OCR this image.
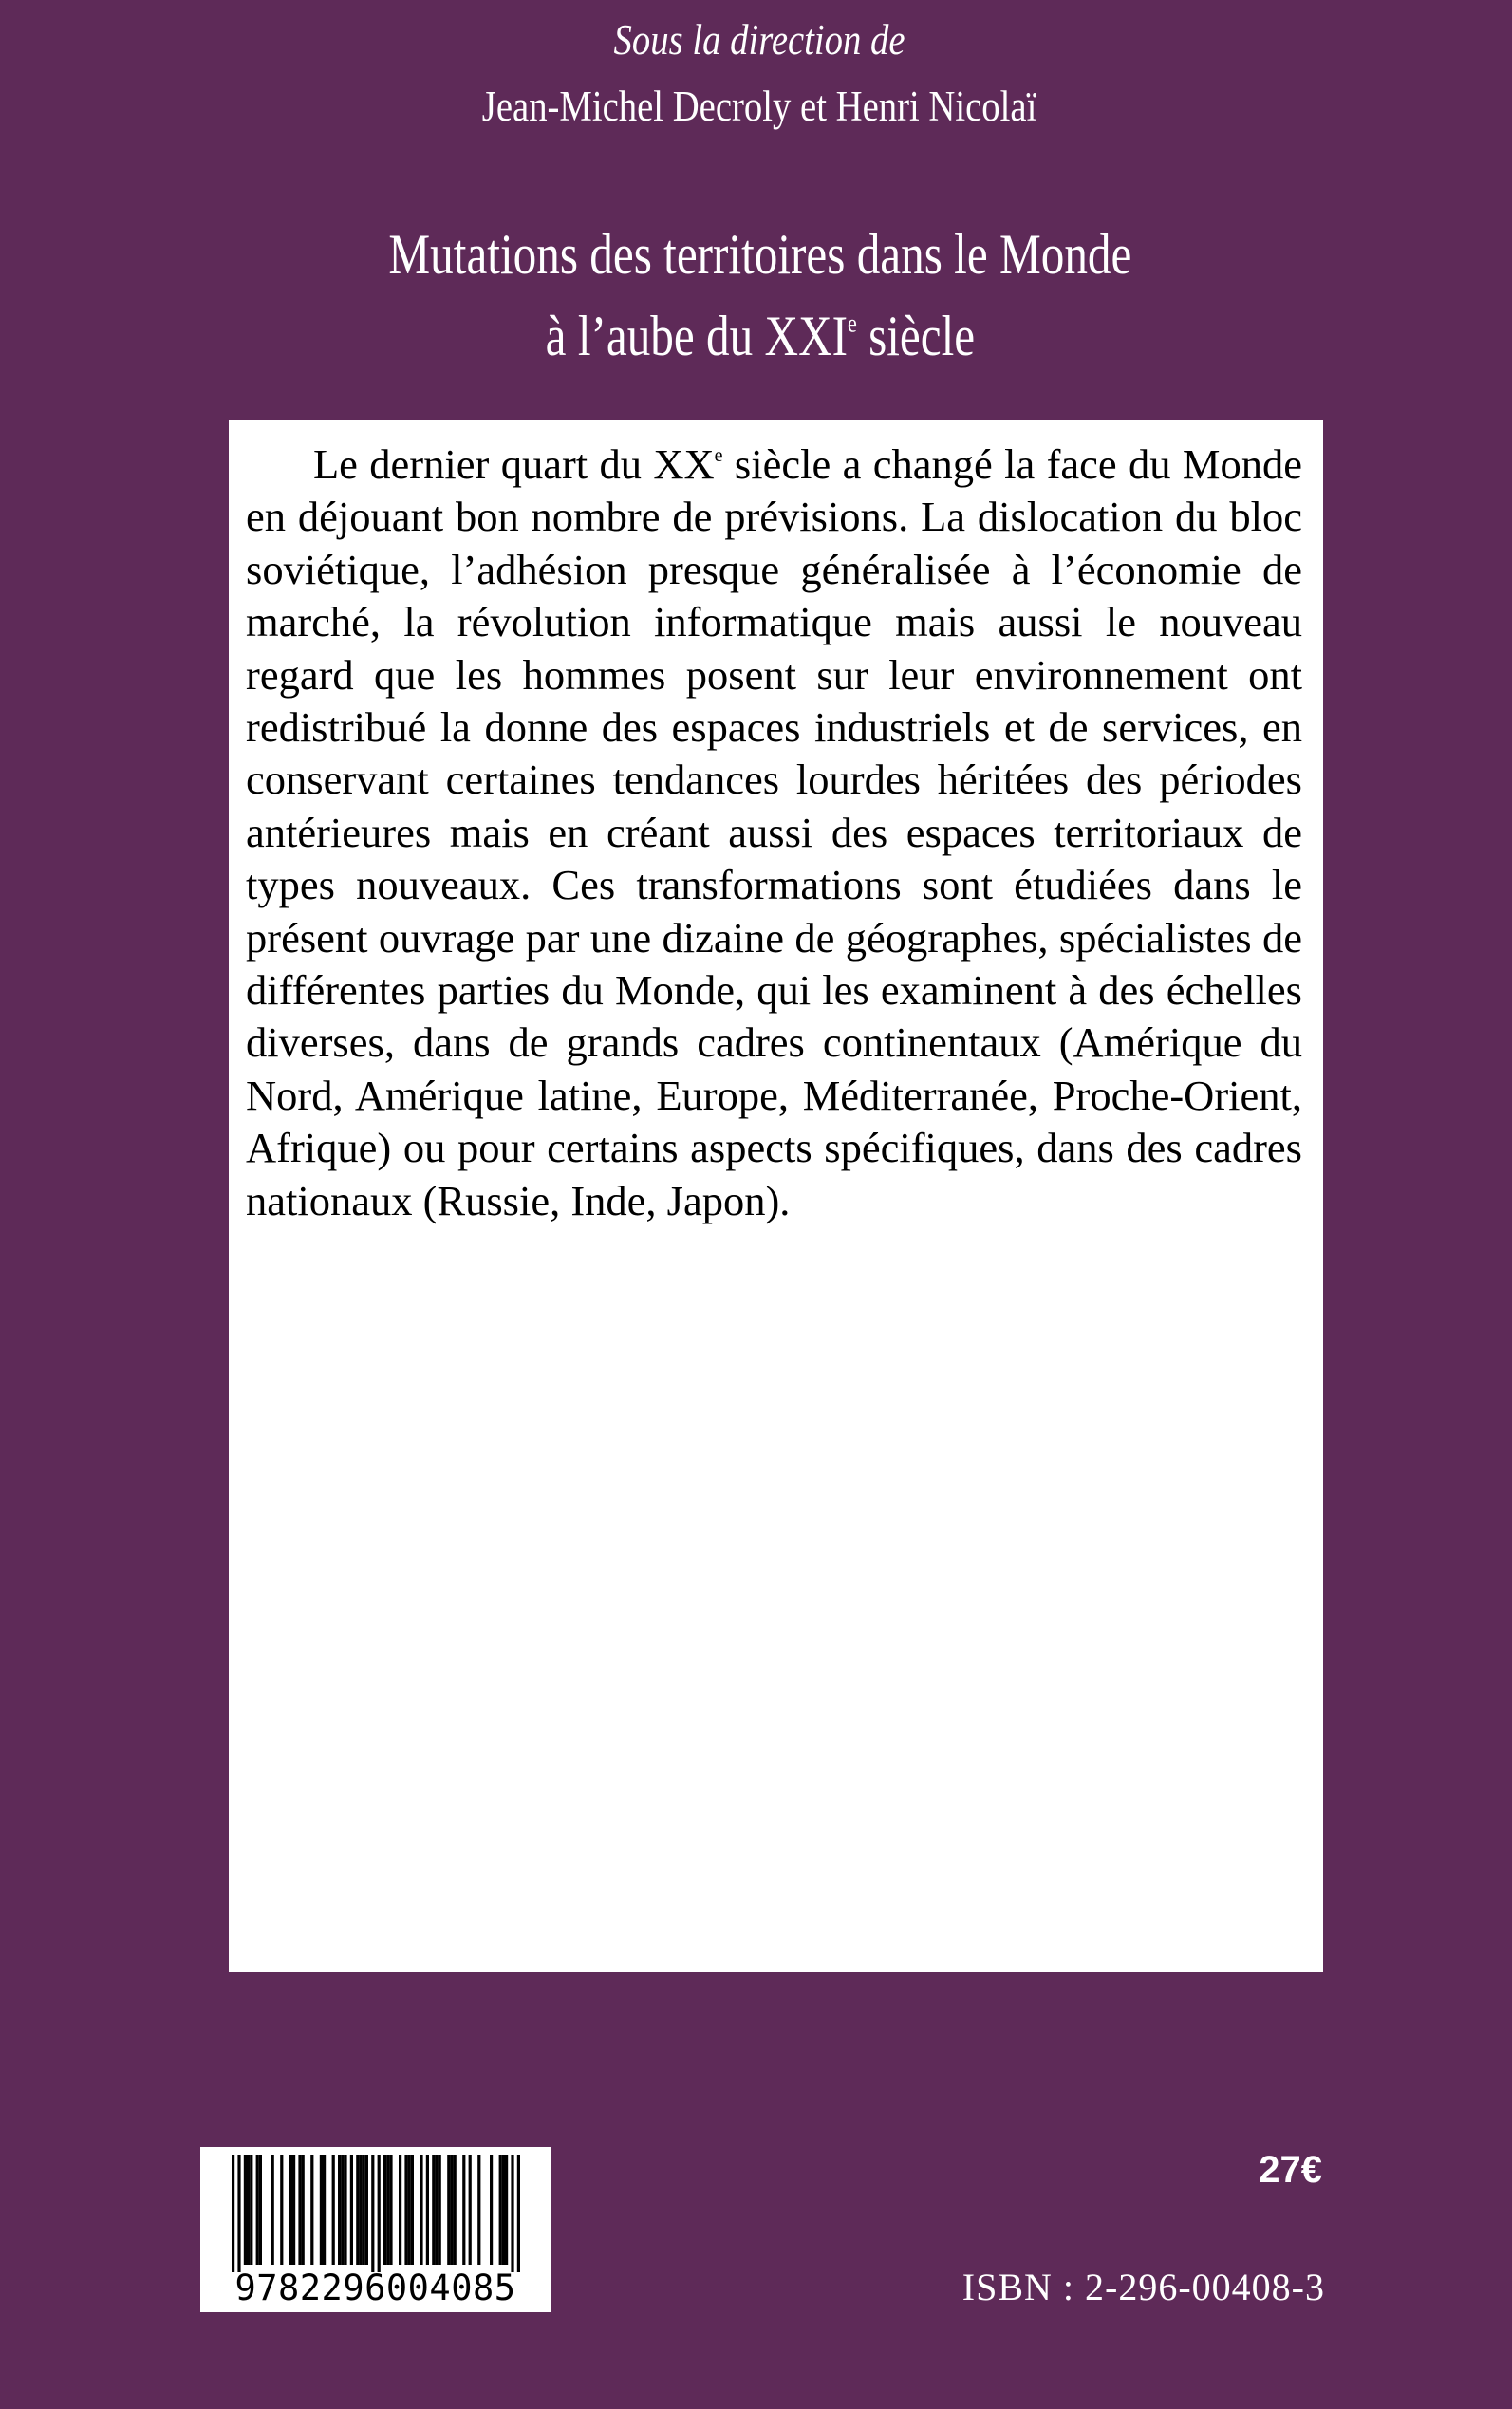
Sous la direction de
Jean-Michel Decroly et Henri Nicolaï
Mutations des territoires dans le Monde
à l’aube du XXIe siècle

Le dernier quart du XXe siècle a changé la face du Monde en déjouant bon nombre de prévisions. La dislocation du bloc soviétique, l’adhésion presque généralisée à l’économie de marché, la révolution informatique mais aussi le nouveau regard que les hommes posent sur leur environnement ont redistribué la donne des espaces industriels et de services, en conservant certaines tendances lourdes héritées des périodes antérieures mais en créant aussi des espaces territoriaux de types nouveaux. Ces transformations sont étudiées dans le présent ouvrage par une dizaine de géographes, spécialistes de différentes parties du Monde, qui les examinent à des échelles diverses, dans de grands cadres continentaux (Amérique du Nord, Amérique latine, Europe, Méditerranée, Proche-Orient, Afrique) ou pour certains aspects spécifiques, dans des cadres nationaux (Russie, Inde, Japon).

9782296004085
27€
ISBN : 2-296-00408-3
